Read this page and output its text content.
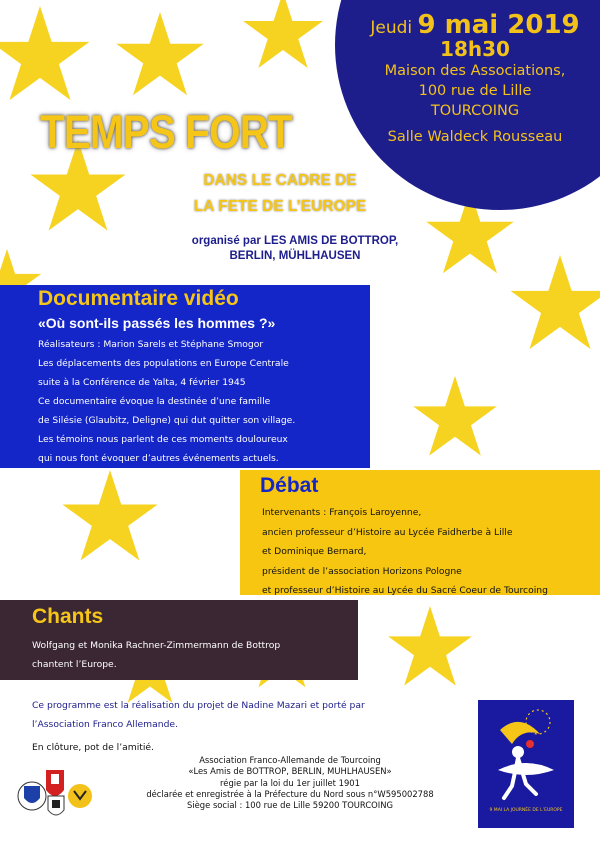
Jeudi 9 mai 2019
18h30
Maison des Associations,
100 rue de Lille
TOURCOING
Salle Waldeck Rousseau
TEMPS FORT
DANS LE CADRE DE
LA FETE DE L’EUROPE
organisé par LES AMIS DE BOTTROP,
BERLIN, MÜHLHAUSEN
Documentaire vidéo
«Où sont-ils passés les hommes ?»
Réalisateurs : Marion Sarels et Stéphane Smogor
Les déplacements des populations en Europe Centrale
suite à la Conférence de Yalta, 4 février 1945
Ce documentaire évoque la destinée d’une famille
de Silésie (Glaubitz, Deligne) qui dut quitter son village.
Les témoins nous parlent de ces moments douloureux
qui nous font évoquer d’autres événements actuels.
Débat
Intervenants : François Laroyenne,
ancien professeur d’Histoire au Lycée Faidherbe à Lille
et Dominique Bernard,
président de l’association Horizons Pologne
et professeur d’Histoire au Lycée du Sacré Coeur de Tourcoing
Chants
Wolfgang et Monika Rachner-Zimmermann de Bottrop
chantent l’Europe.
Ce programme est la réalisation du projet de Nadine Mazari et porté par
l’Association Franco Allemande.
En clôture, pot de l’amitié.
Association Franco-Allemande de Tourcoing
«Les Amis de BOTTROP, BERLIN, MUHLHAUSEN»
régie par la loi du 1er juillet 1901
déclarée et enregistrée à la Préfecture du Nord sous n°W595002788
Siège social : 100 rue de Lille 59200 TOURCOING
9 MAI LA JOURNÉE DE L’EUROPE
